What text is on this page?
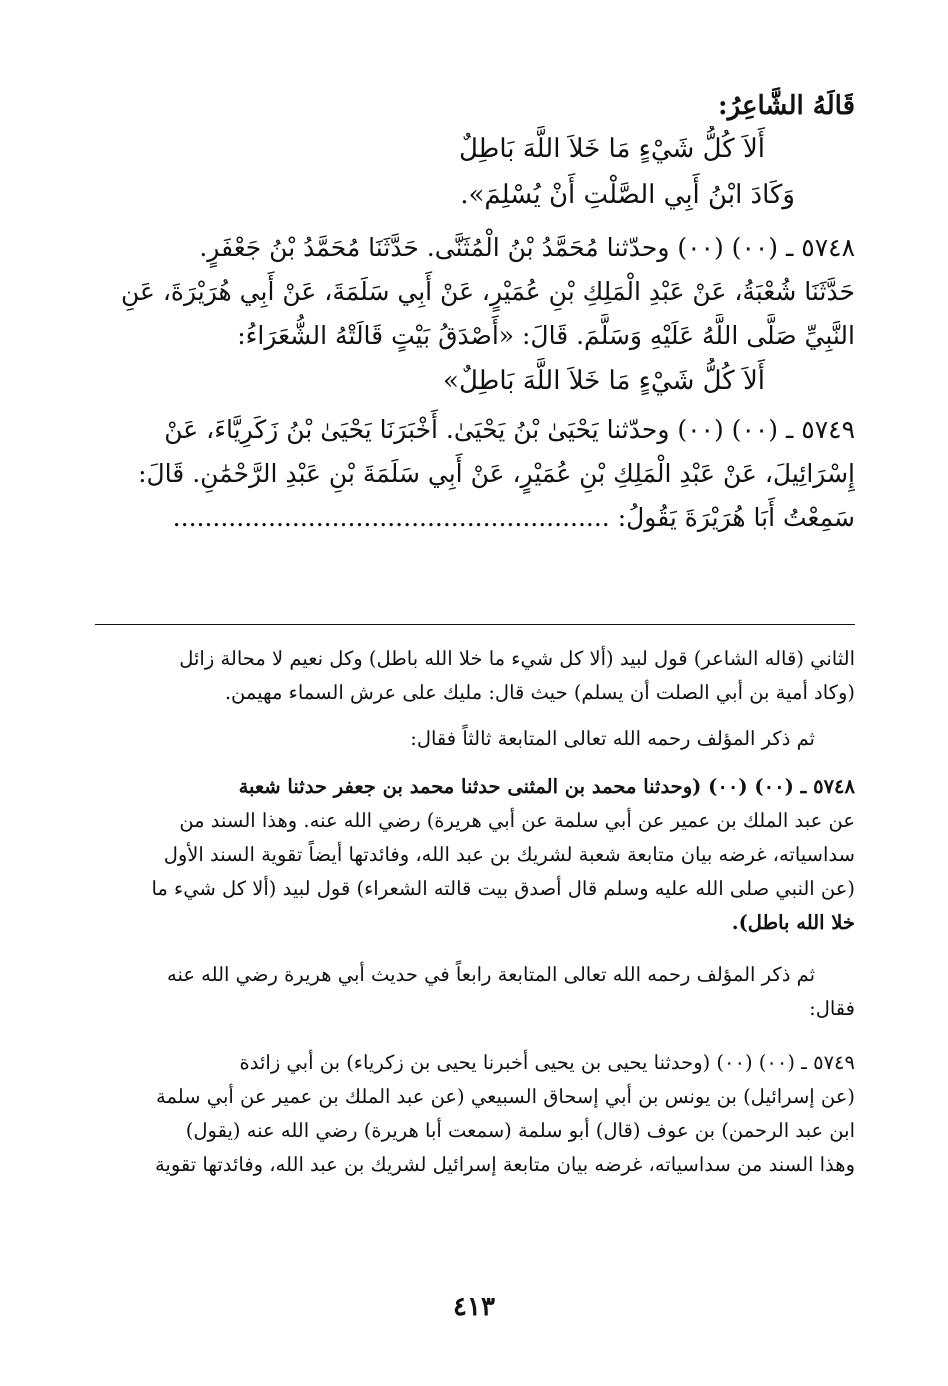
قَالَهُ الشَّاعِرُ:
أَلاَ كُلُّ شَيْءٍ مَا خَلاَ اللَّهَ بَاطِلٌ
وَكَادَ ابْنُ أَبِي الصَّلْتِ أَنْ يُسْلِمَ».
٥٧٤٨ ـ (٠٠) (٠٠) وحدّثنا مُحَمَّدُ بْنُ الْمُثَنَّى. حَدَّثَنَا مُحَمَّدُ بْنُ جَعْفَرٍ.
حَدَّثَنَا شُعْبَةُ، عَنْ عَبْدِ الْمَلِكِ بْنِ عُمَيْرٍ، عَنْ أَبِي سَلَمَةَ، عَنْ أَبِي هُرَيْرَةَ، عَنِ
النَّبِيِّ صَلَّى اللَّهُ عَلَيْهِ وَسَلَّمَ. قَالَ: «أَصْدَقُ بَيْتٍ قَالَتْهُ الشُّعَرَاءُ:
أَلاَ كُلُّ شَيْءٍ مَا خَلاَ اللَّهَ بَاطِلٌ»
٥٧٤٩ ـ (٠٠) (٠٠) وحدّثنا يَحْيَىٰ بْنُ يَحْيَىٰ. أَخْبَرَنَا يَحْيَىٰ بْنُ زَكَرِيَّاءَ، عَنْ
إِسْرَائِيلَ، عَنْ عَبْدِ الْمَلِكِ بْنِ عُمَيْرٍ، عَنْ أَبِي سَلَمَةَ بْنِ عَبْدِ الرَّحْمَٰنِ. قَالَ:
سَمِعْتُ أَبَا هُرَيْرَةَ يَقُولُ: .......................................................
الثاني (قاله الشاعر) قول لبيد (ألا كل شيء ما خلا الله باطل) وكل نعيم لا محالة زائل
(وكاد أمية بن أبي الصلت أن يسلم) حيث قال: مليك على عرش السماء مهيمن.
ثم ذكر المؤلف رحمه الله تعالى المتابعة ثالثاً فقال:
٥٧٤٨ ـ (٠٠) (٠٠) (وحدثنا محمد بن المثنى حدثنا محمد بن جعفر حدثنا شعبة
عن عبد الملك بن عمير عن أبي سلمة عن أبي هريرة) رضي الله عنه. وهذا السند من
سداسياته، غرضه بيان متابعة شعبة لشريك بن عبد الله، وفائدتها أيضاً تقوية السند الأول
(عن النبي صلى الله عليه وسلم قال أصدق بيت قالته الشعراء) قول لبيد (ألا كل شيء ما
خلا الله باطل).
ثم ذكر المؤلف رحمه الله تعالى المتابعة رابعاً في حديث أبي هريرة رضي الله عنه
فقال:
٥٧٤٩ ـ (٠٠) (٠٠) (وحدثنا يحيى بن يحيى أخبرنا يحيى بن زكرياء) بن أبي زائدة
(عن إسرائيل) بن يونس بن أبي إسحاق السبيعي (عن عبد الملك بن عمير عن أبي سلمة
ابن عبد الرحمن) بن عوف (قال) أبو سلمة (سمعت أبا هريرة) رضي الله عنه (يقول)
وهذا السند من سداسياته، غرضه بيان متابعة إسرائيل لشريك بن عبد الله، وفائدتها تقوية
٤١٣
